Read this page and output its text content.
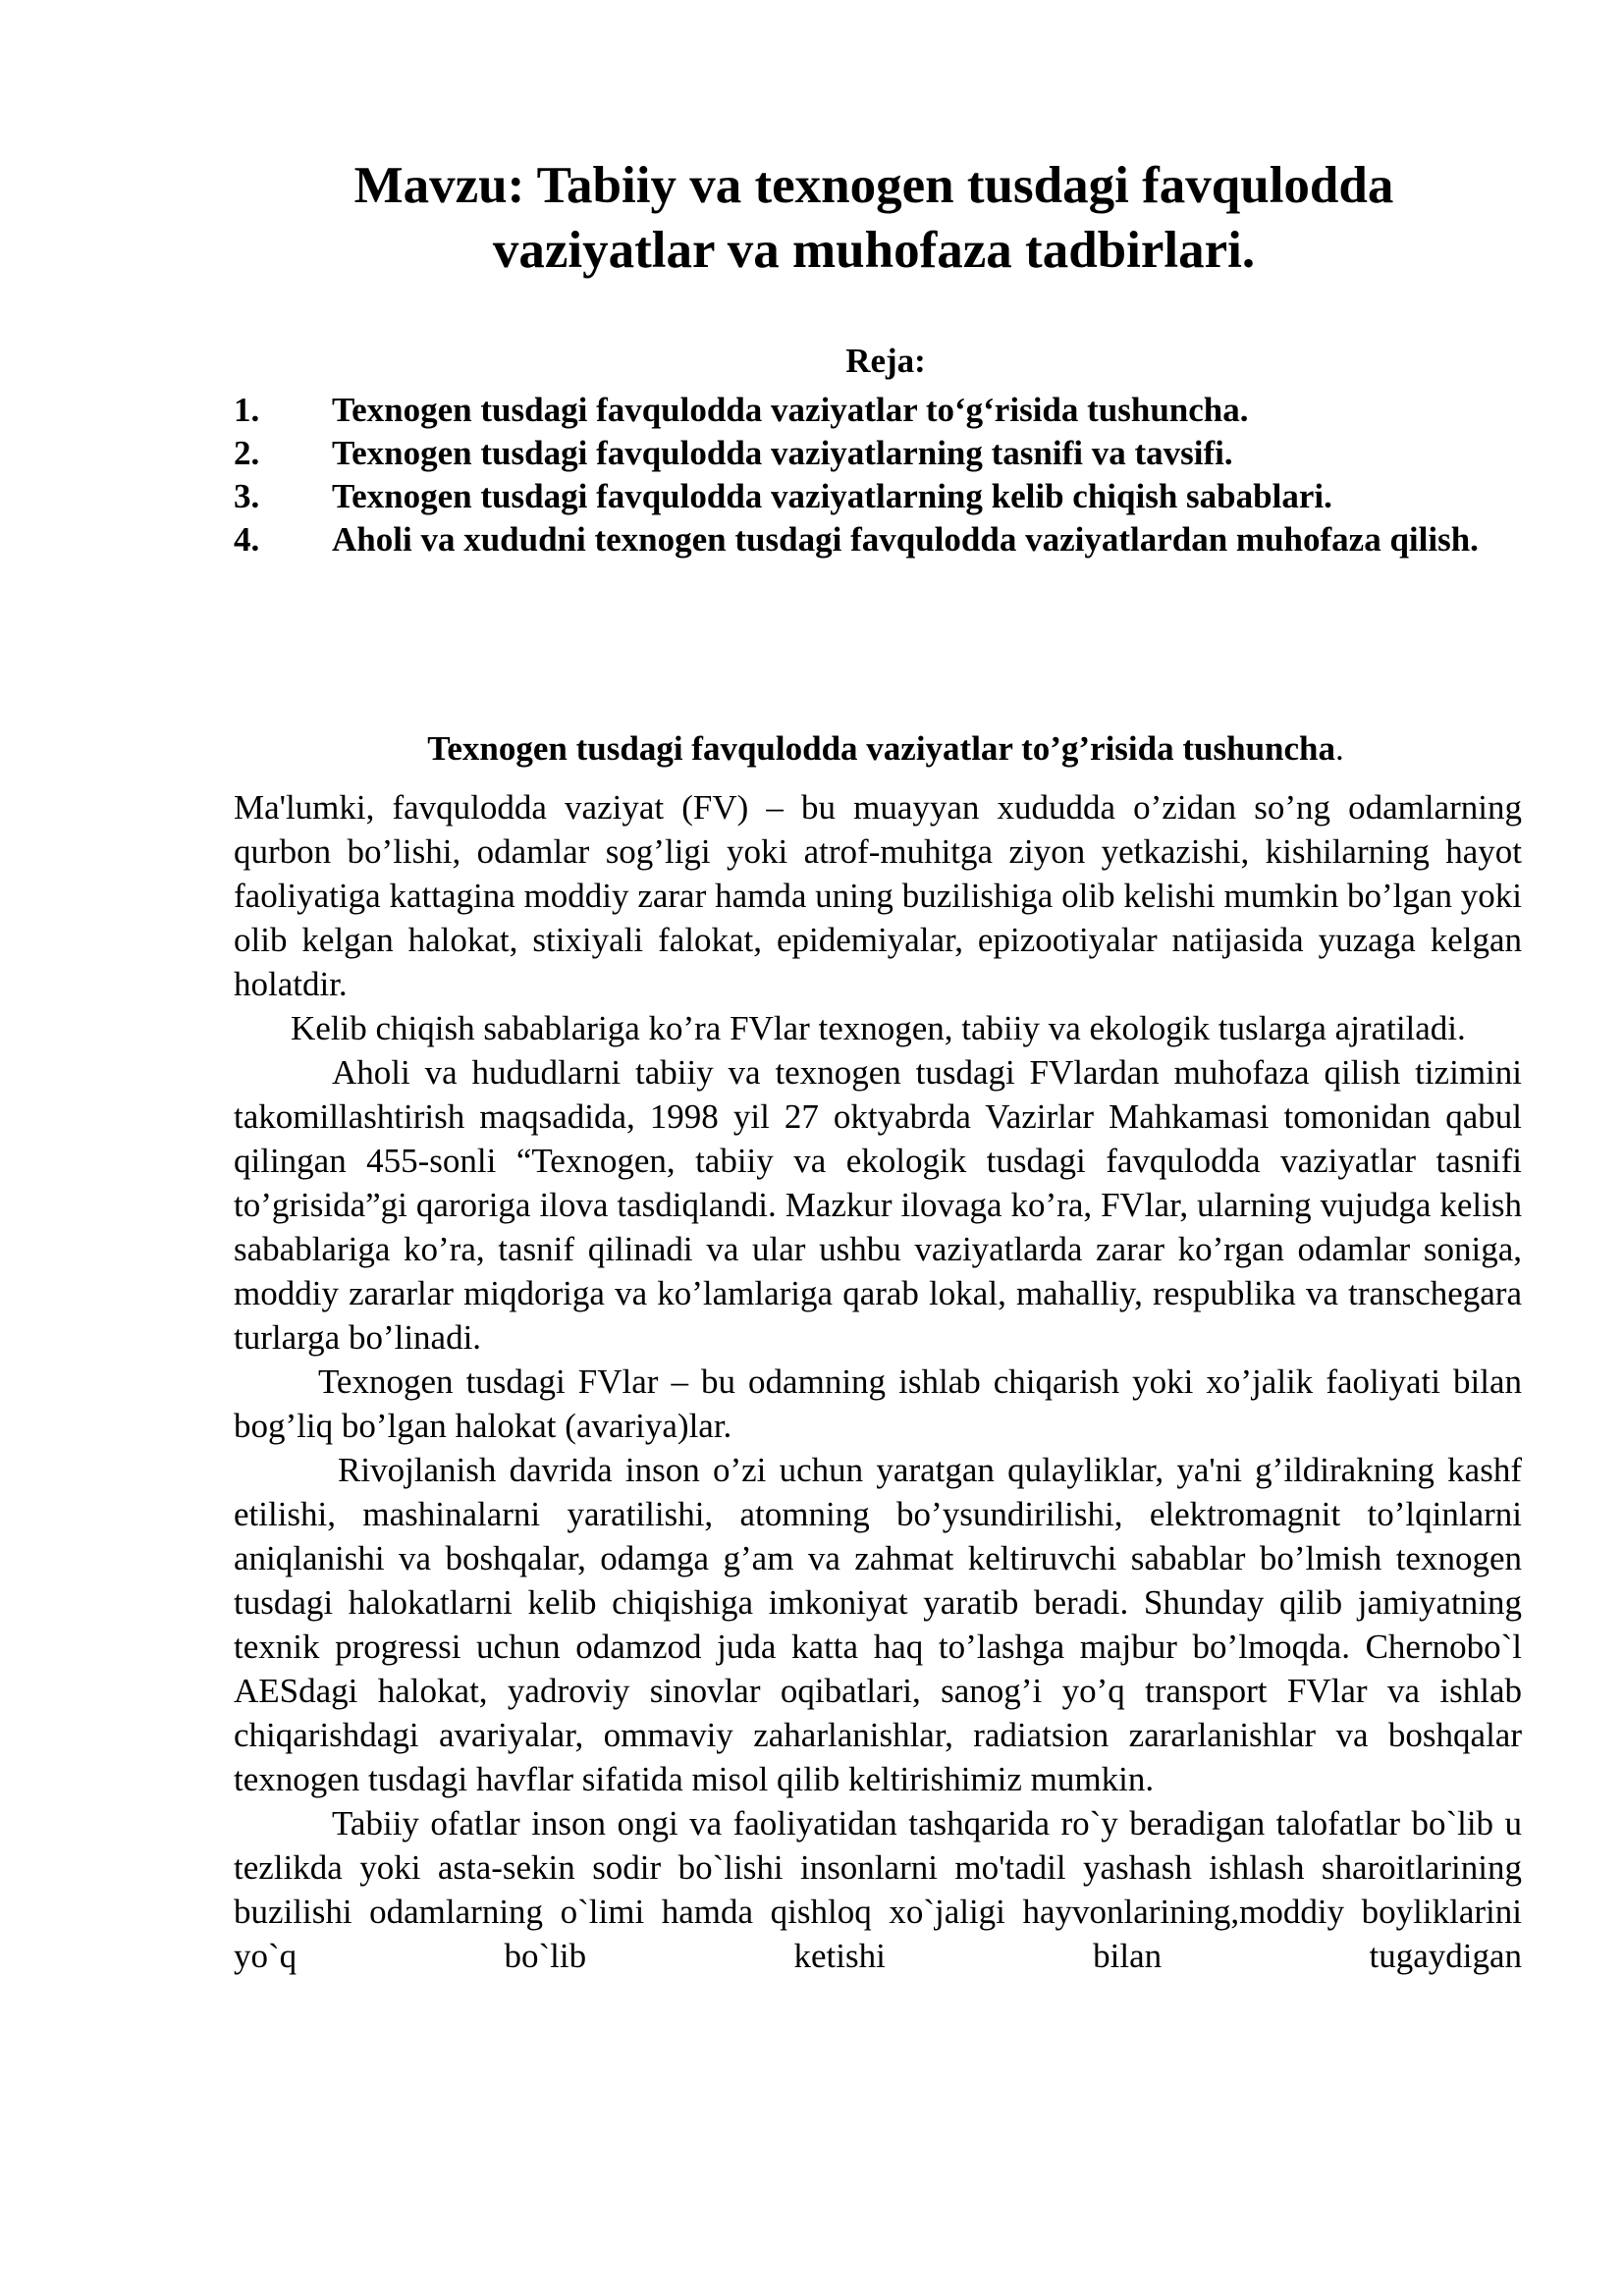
Mavzu: Tabiiy va texnogen tusdagi favqulodda
vaziyatlar va muhofaza tadbirlari.
Reja:
1. Texnogen tusdagi favqulodda vaziyatlar to‘g‘risida tushuncha.
2. Texnogen tusdagi favqulodda vaziyatlarning tasnifi va tavsifi.
3. Texnogen tusdagi favqulodda vaziyatlarning kelib chiqish sabablari.
4. Aholi va xududni texnogen tusdagi favqulodda vaziyatlardan muhofaza qilish.
Texnogen tusdagi favqulodda vaziyatlar to’g’risida tushuncha.

Ma'lumki, favqulodda vaziyat (FV) – bu muayyan xududda o’zidan so’ng odamlarning qurbon bo’lishi, odamlar sog’ligi yoki atrof-muhitga ziyon yetkazishi, kishilarning hayot faoliyatiga kattagina moddiy zarar hamda uning buzilishiga olib kelishi mumkin bo’lgan yoki olib kelgan halokat, stixiyali falokat, epidemiyalar, epizootiyalar natijasida yuzaga kelgan holatdir.

Kelib chiqish sabablariga ko’ra FVlar texnogen, tabiiy va ekologik tuslarga ajratiladi.

Aholi va hududlarni tabiiy va texnogen tusdagi FVlardan muhofaza qilish tizimini takomillashtirish maqsadida, 1998 yil 27 oktyabrda Vazirlar Mahkamasi tomonidan qabul qilingan 455-sonli “Texnogen, tabiiy va ekologik tusdagi favqulodda vaziyatlar tasnifi to’grisida”gi qaroriga ilova tasdiqlandi. Mazkur ilovaga ko’ra, FVlar, ularning vujudga kelish sabablariga ko’ra, tasnif qilinadi va ular ushbu vaziyatlarda zarar ko’rgan odamlar soniga, moddiy zararlar miqdoriga va ko’lamlariga qarab lokal, mahalliy, respublika va transchegara turlarga bo’linadi.

Texnogen tusdagi FVlar – bu odamning ishlab chiqarish yoki xo’jalik faoliyati bilan bog’liq bo’lgan halokat (avariya)lar.

Rivojlanish davrida inson o’zi uchun yaratgan qulayliklar, ya'ni g’ildirakning kashf etilishi, mashinalarni yaratilishi, atomning bo’ysundirilishi, elektromagnit to’lqinlarni aniqlanishi va boshqalar, odamga g’am va zahmat keltiruvchi sabablar bo’lmish texnogen tusdagi halokatlarni kelib chiqishiga imkoniyat yaratib beradi. Shunday qilib jamiyatning texnik progressi uchun odamzod juda katta haq to’lashga majbur bo’lmoqda. Chernobo`l AESdagi halokat, yadroviy sinovlar oqibatlari, sanog’i yo’q transport FVlar va ishlab chiqarishdagi avariyalar, ommaviy zaharlanishlar, radiatsion zararlanishlar va boshqalar texnogen tusdagi havflar sifatida misol qilib keltirishimiz mumkin.

Tabiiy ofatlar inson ongi va faoliyatidan tashqarida ro`y beradigan talofatlar bo`lib u tezlikda yoki asta-sekin sodir bo`lishi insonlarni mo'tadil yashash ishlash sharoitlarining buzilishi odamlarning o`limi hamda qishloq xo`jaligi hayvonlarining,moddiy boyliklarini yo`q bo`lib ketishi bilan tugaydigan
